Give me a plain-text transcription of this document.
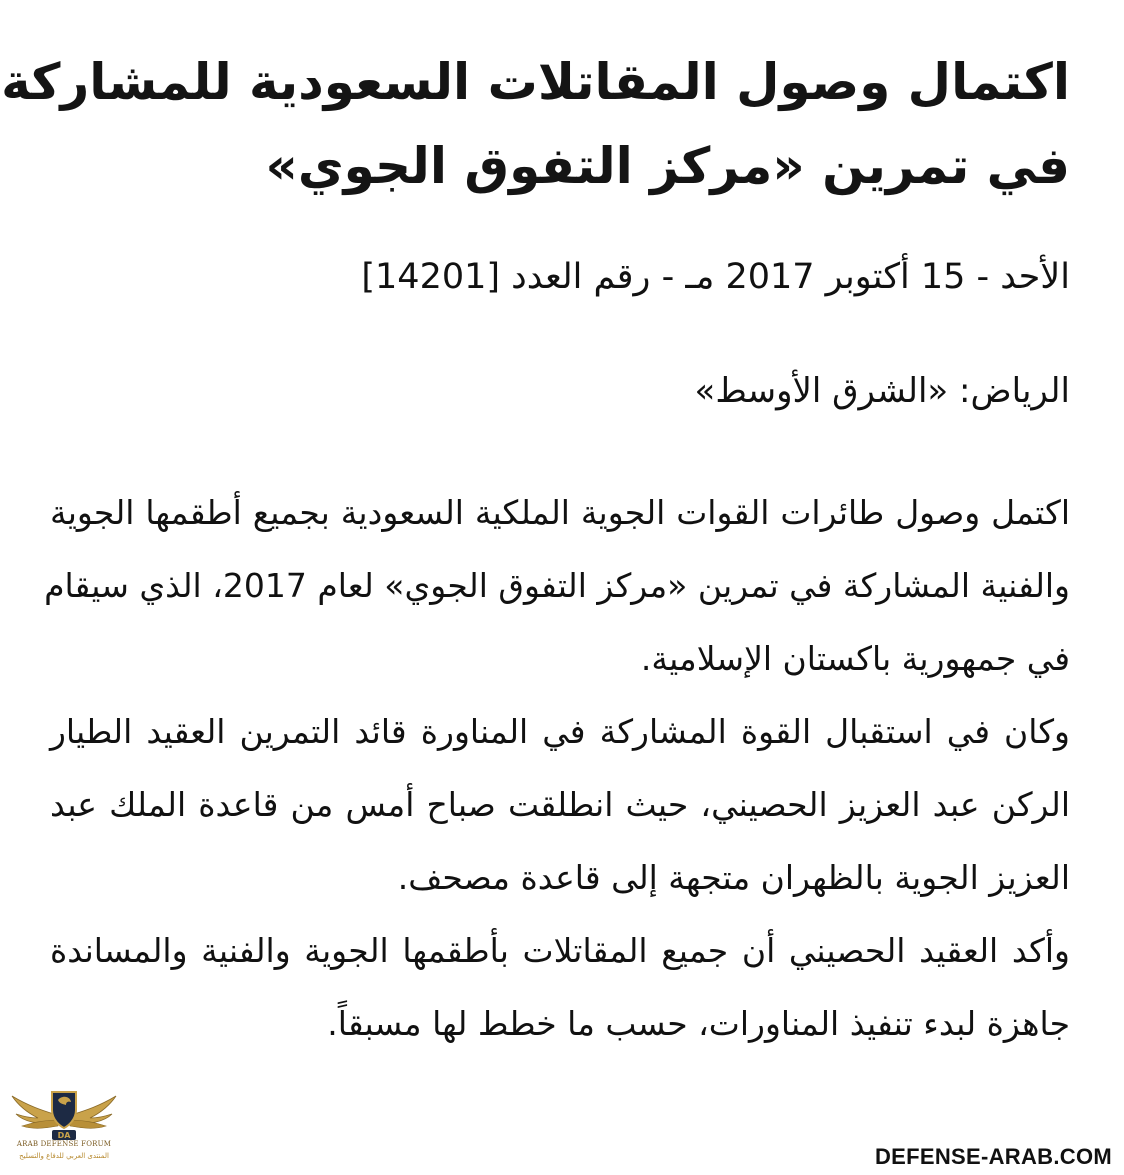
اكتمال وصول المقاتلات السعودية للمشاركة
في تمرين «مركز التفوق الجوي»

الأحد - 15 أكتوبر 2017 مـ - رقم العدد [14201]

الرياض: «الشرق الأوسط»

اكتمل وصول طائرات القوات الجوية الملكية السعودية بجميع أطقمها الجوية
والفنية المشاركة في تمرين «مركز التفوق الجوي» لعام 2017، الذي سيقام
في جمهورية باكستان الإسلامية.
وكان في استقبال القوة المشاركة في المناورة قائد التمرين العقيد الطيار
الركن عبد العزيز الحصيني، حيث انطلقت صباح أمس من قاعدة الملك عبد
العزيز الجوية بالظهران متجهة إلى قاعدة مصحف.
وأكد العقيد الحصيني أن جميع المقاتلات بأطقمها الجوية والفنية والمساندة
جاهزة لبدء تنفيذ المناورات، حسب ما خطط لها مسبقاً.
DA
ARAB DEFENSE FORUM
المنتدى العربي للدفاع والتسليح	DEFENSE-ARAB.COM
